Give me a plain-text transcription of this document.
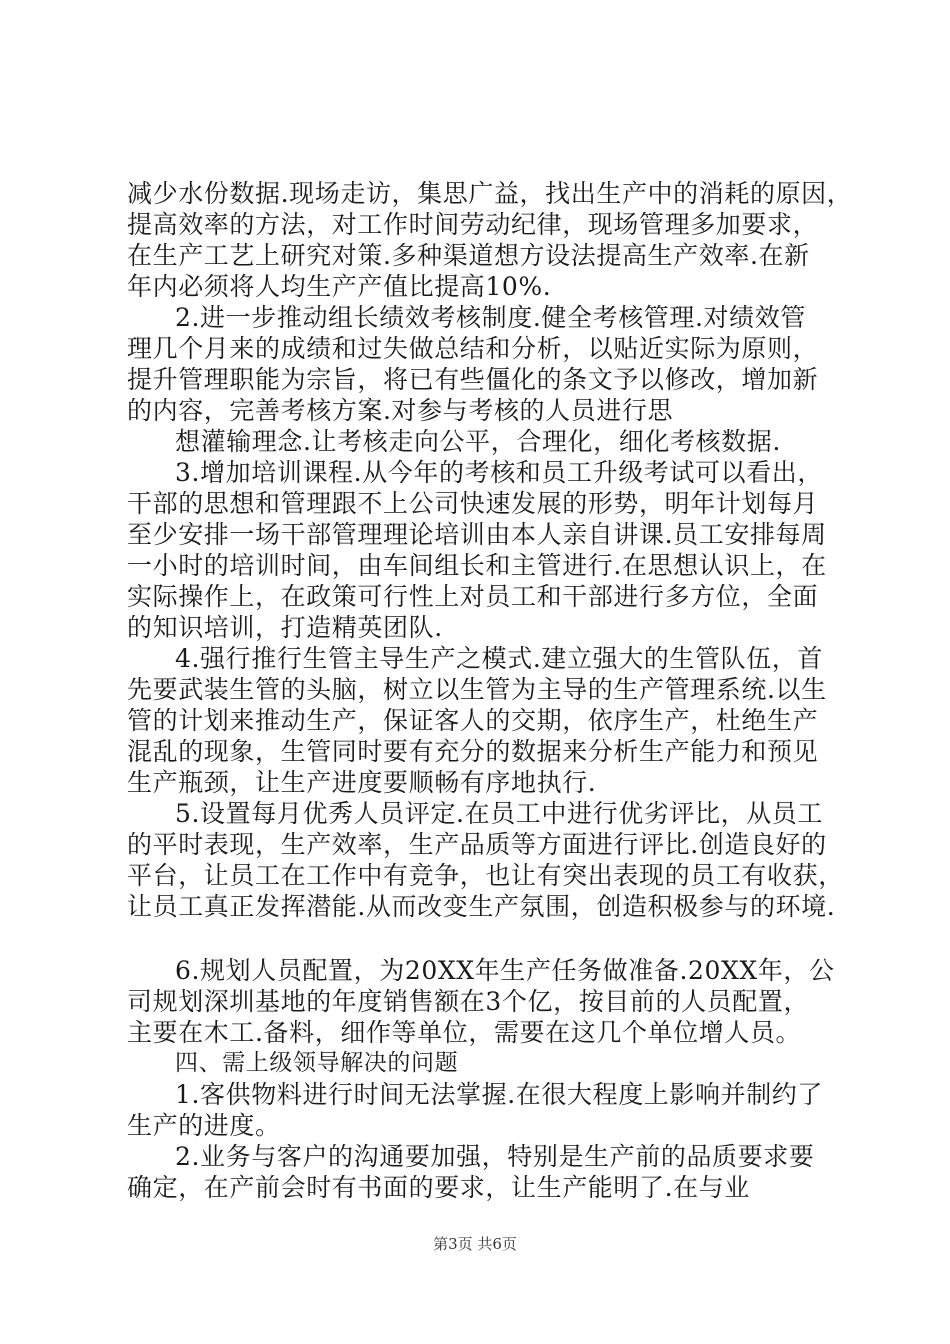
减少水份数据.现场走访，集思广益，找出生产中的消耗的原因，
提高效率的方法，对工作时间劳动纪律，现场管理多加要求，
在生产工艺上研究对策.多种渠道想方设法提高生产效率.在新
年内必须将人均生产产值比提高10%.
2.进一步推动组长绩效考核制度.健全考核管理.对绩效管
理几个月来的成绩和过失做总结和分析，以贴近实际为原则，
提升管理职能为宗旨，将已有些僵化的条文予以修改，增加新
的内容，完善考核方案.对参与考核的人员进行思
想灌输理念.让考核走向公平，合理化，细化考核数据.
3.增加培训课程.从今年的考核和员工升级考试可以看出，
干部的思想和管理跟不上公司快速发展的形势，明年计划每月
至少安排一场干部管理理论培训由本人亲自讲课.员工安排每周
一小时的培训时间，由车间组长和主管进行.在思想认识上，在
实际操作上，在政策可行性上对员工和干部进行多方位，全面
的知识培训，打造精英团队.
4.强行推行生管主导生产之模式.建立强大的生管队伍，首
先要武装生管的头脑，树立以生管为主导的生产管理系统.以生
管的计划来推动生产，保证客人的交期，依序生产，杜绝生产
混乱的现象，生管同时要有充分的数据来分析生产能力和预见
生产瓶颈，让生产进度要顺畅有序地执行.
5.设置每月优秀人员评定.在员工中进行优劣评比，从员工
的平时表现，生产效率，生产品质等方面进行评比.创造良好的
平台，让员工在工作中有竞争，也让有突出表现的员工有收获，
让员工真正发挥潜能.从而改变生产氛围，创造积极参与的环境.
6.规划人员配置，为20XX年生产任务做准备.20XX年，公
司规划深圳基地的年度销售额在3个亿，按目前的人员配置，
主要在木工.备料，细作等单位，需要在这几个单位增人员。
四、需上级领导解决的问题
1.客供物料进行时间无法掌握.在很大程度上影响并制约了
生产的进度。
2.业务与客户的沟通要加强，特别是生产前的品质要求要
确定，在产前会时有书面的要求，让生产能明了.在与业
第3页 共6页
